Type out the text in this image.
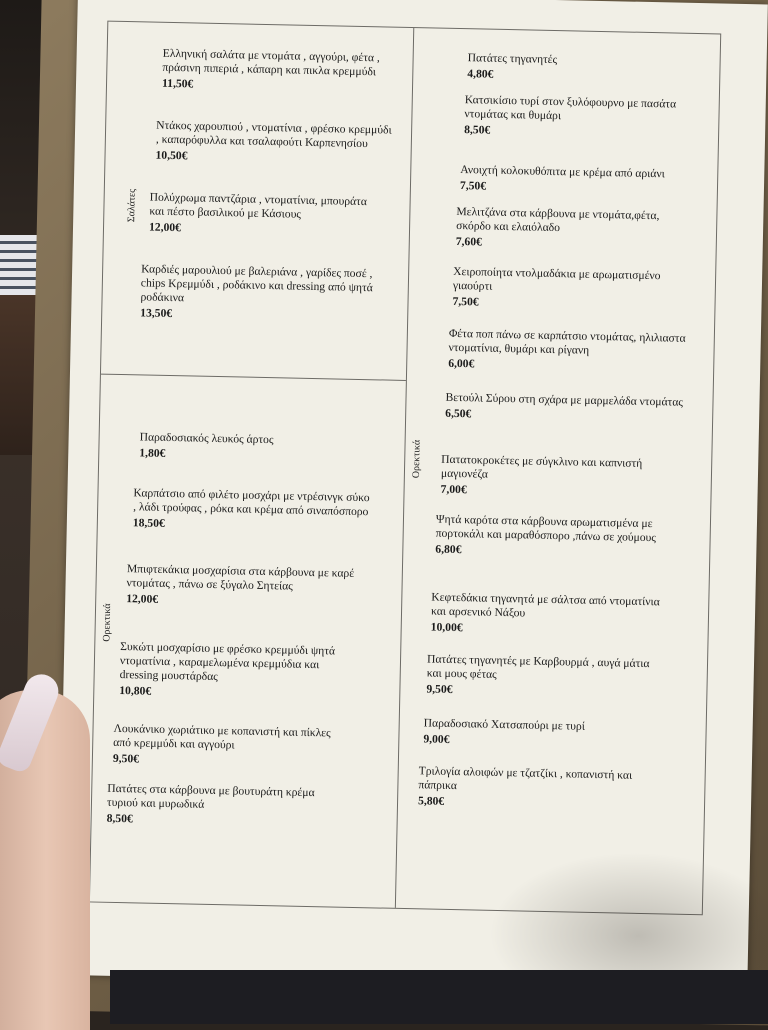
Σαλάτες
Ελληνική σαλάτα με ντομάτα , αγγούρι, φέτα , πράσινη πιπεριά , κάπαρη και πικλα κρεμμύδι
11,50€
Ντάκος χαρουπιού , ντοματίνια , φρέσκο κρεμμύδι , καπαρόφυλλα και τσαλαφούτι Καρπενησίου
10,50€
Πολύχρωμα παντζάρια , ντοματίνια, μπουράτα και πέστο βασιλικού με Κάσιους
12,00€
Καρδιές μαρουλιού με βαλεριάνα , γαρίδες ποσέ , chips Κρεμμύδι , ροδάκινο και dressing από ψητά ροδάκινα
13,50€
Ορεκτικά
Παραδοσιακός λευκός άρτος
1,80€
Καρπάτσιο από φιλέτο μοσχάρι με ντρέσινγκ σύκο , λάδι τρούφας , ρόκα και κρέμα από σιναπόσπορο
18,50€
Μπιφτεκάκια μοσχαρίσια στα κάρβουνα με καρέ ντομάτας , πάνω σε ξύγαλο Σητείας
12,00€
Συκώτι μοσχαρίσιο με φρέσκο κρεμμύδι ψητά ντοματίνια , καραμελωμένα κρεμμύδια και dressing μουστάρδας
10,80€
Λουκάνικο χωριάτικο με κοπανιστή και πίκλες από κρεμμύδι και αγγούρι
9,50€
Πατάτες στα κάρβουνα με βουτυράτη κρέμα τυριού και μυρωδικά
8,50€
Ορεκτικά
Πατάτες τηγανητές
4,80€
Κατσικίσιο τυρί στον ξυλόφουρνο με πασάτα ντομάτας και θυμάρι
8,50€
Ανοιχτή κολοκυθόπιτα με κρέμα από αριάνι
7,50€
Μελιτζάνα στα κάρβουνα με ντομάτα,φέτα, σκόρδο και ελαιόλαδο
7,60€
Χειροποίητα ντολμαδάκια με αρωματισμένο γιαούρτι
7,50€
Φέτα ποπ πάνω σε καρπάτσιο ντομάτας, ηλιλιαστα ντοματίνια, θυμάρι και ρίγανη
6,00€
Βετούλι Σύρου στη σχάρα με μαρμελάδα ντομάτας
6,50€
Πατατοκροκέτες με σύγκλινο και καπνιστή μαγιονέζα
7,00€
Ψητά καρότα στα κάρβουνα αρωματισμένα με πορτοκάλι και μαραθόσπορο ,πάνω σε χούμους
6,80€
Κεφτεδάκια τηγανητά με σάλτσα από ντοματίνια και αρσενικό Νάξου
10,00€
Πατάτες τηγανητές με Καρβουρμά , αυγά μάτια και μους φέτας
9,50€
Παραδοσιακό Χατσαπούρι με τυρί
9,00€
Τριλογία αλοιφών με τζατζίκι , κοπανιστή και πάπρικα
5,80€
